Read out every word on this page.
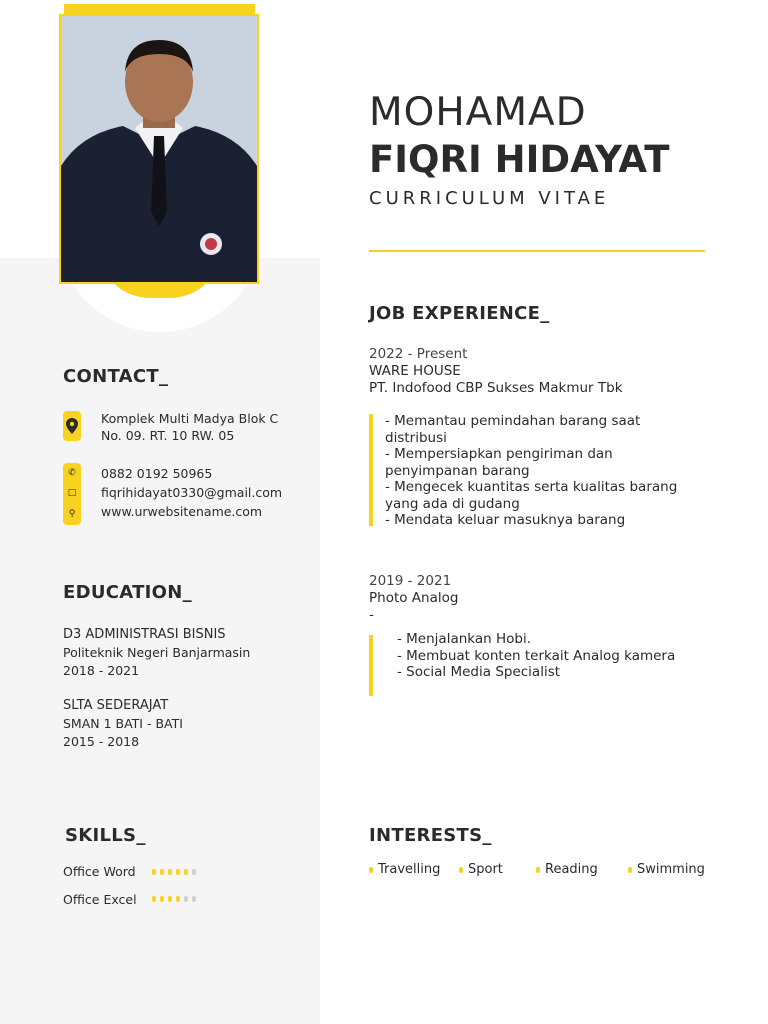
MOHAMAD
FIQRI HIDAYAT
CURRICULUM VITAE
CONTACT_
Komplek Multi Madya Blok C
No. 09. RT. 10 RW. 05
✆
□
⚲
0882 0192 50965
fiqrihidayat0330@gmail.com
www.urwebsitename.com
EDUCATION_
D3 ADMINISTRASI BISNIS
Politeknik Negeri Banjarmasin
2018 - 2021
SLTA SEDERAJAT
SMAN 1 BATI - BATI
2015 - 2018
SKILLS_
Office Word
Office Excel
JOB EXPERIENCE_
2022 - Present
WARE HOUSE
PT. Indofood CBP Sukses Makmur Tbk
- Memantau pemindahan barang saat
distribusi
- Mempersiapkan pengiriman dan
penyimpanan barang
- Mengecek kuantitas serta kualitas barang
yang ada di gudang
- Mendata keluar masuknya barang
2019 - 2021
Photo Analog
-
- Menjalankan Hobi.
- Membuat konten terkait Analog kamera
- Social Media Specialist
INTERESTS_
Travelling Sport	Reading	Swimming
